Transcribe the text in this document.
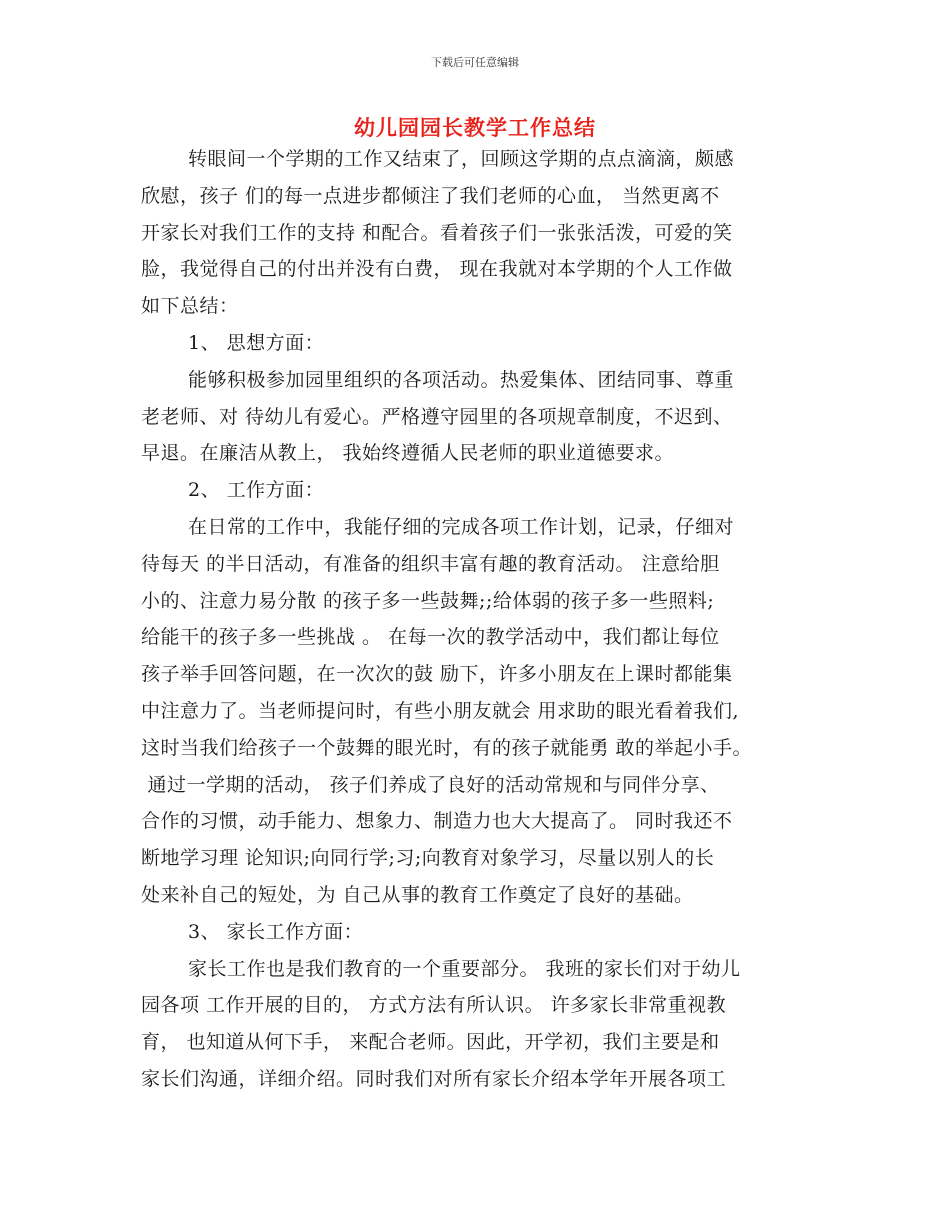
下载后可任意编辑
幼儿园园长教学工作总结
转眼间一个学期的工作又结束了，回顾这学期的点点滴滴，颇感
欣慰，孩子 们的每一点进步都倾注了我们老师的心血， 当然更离不
开家长对我们工作的支持 和配合。看着孩子们一张张活泼，可爱的笑
脸，我觉得自己的付出并没有白费， 现在我就对本学期的个人工作做
如下总结：
1、 思想方面：
能够积极参加园里组织的各项活动。热爱集体、团结同事、尊重
老老师、对 待幼儿有爱心。严格遵守园里的各项规章制度，不迟到、
早退。在廉洁从教上， 我始终遵循人民老师的职业道德要求。
2、 工作方面：
在日常的工作中，我能仔细的完成各项工作计划，记录，仔细对
待每天 的半日活动，有准备的组织丰富有趣的教育活动。 注意给胆
小的、注意力易分散 的孩子多一些鼓舞;;给体弱的孩子多一些照料;
给能干的孩子多一些挑战 。 在每一次的教学活动中，我们都让每位
孩子举手回答问题，在一次次的鼓 励下，许多小朋友在上课时都能集
中注意力了。当老师提问时，有些小朋友就会 用求助的眼光看着我们,
这时当我们给孩子一个鼓舞的眼光时，有的孩子就能勇 敢的举起小手。
通过一学期的活动， 孩子们养成了良好的活动常规和与同伴分享、
合作的习惯，动手能力、想象力、制造力也大大提高了。 同时我还不
断地学习理 论知识;向同行学;习;向教育对象学习，尽量以别人的长
处来补自己的短处，为 自己从事的教育工作奠定了良好的基础。
3、 家长工作方面：
家长工作也是我们教育的一个重要部分。 我班的家长们对于幼儿
园各项 工作开展的目的， 方式方法有所认识。 许多家长非常重视教
育， 也知道从何下手， 来配合老师。因此，开学初，我们主要是和
家长们沟通，详细介绍。同时我们对所有家长介绍本学年开展各项工
